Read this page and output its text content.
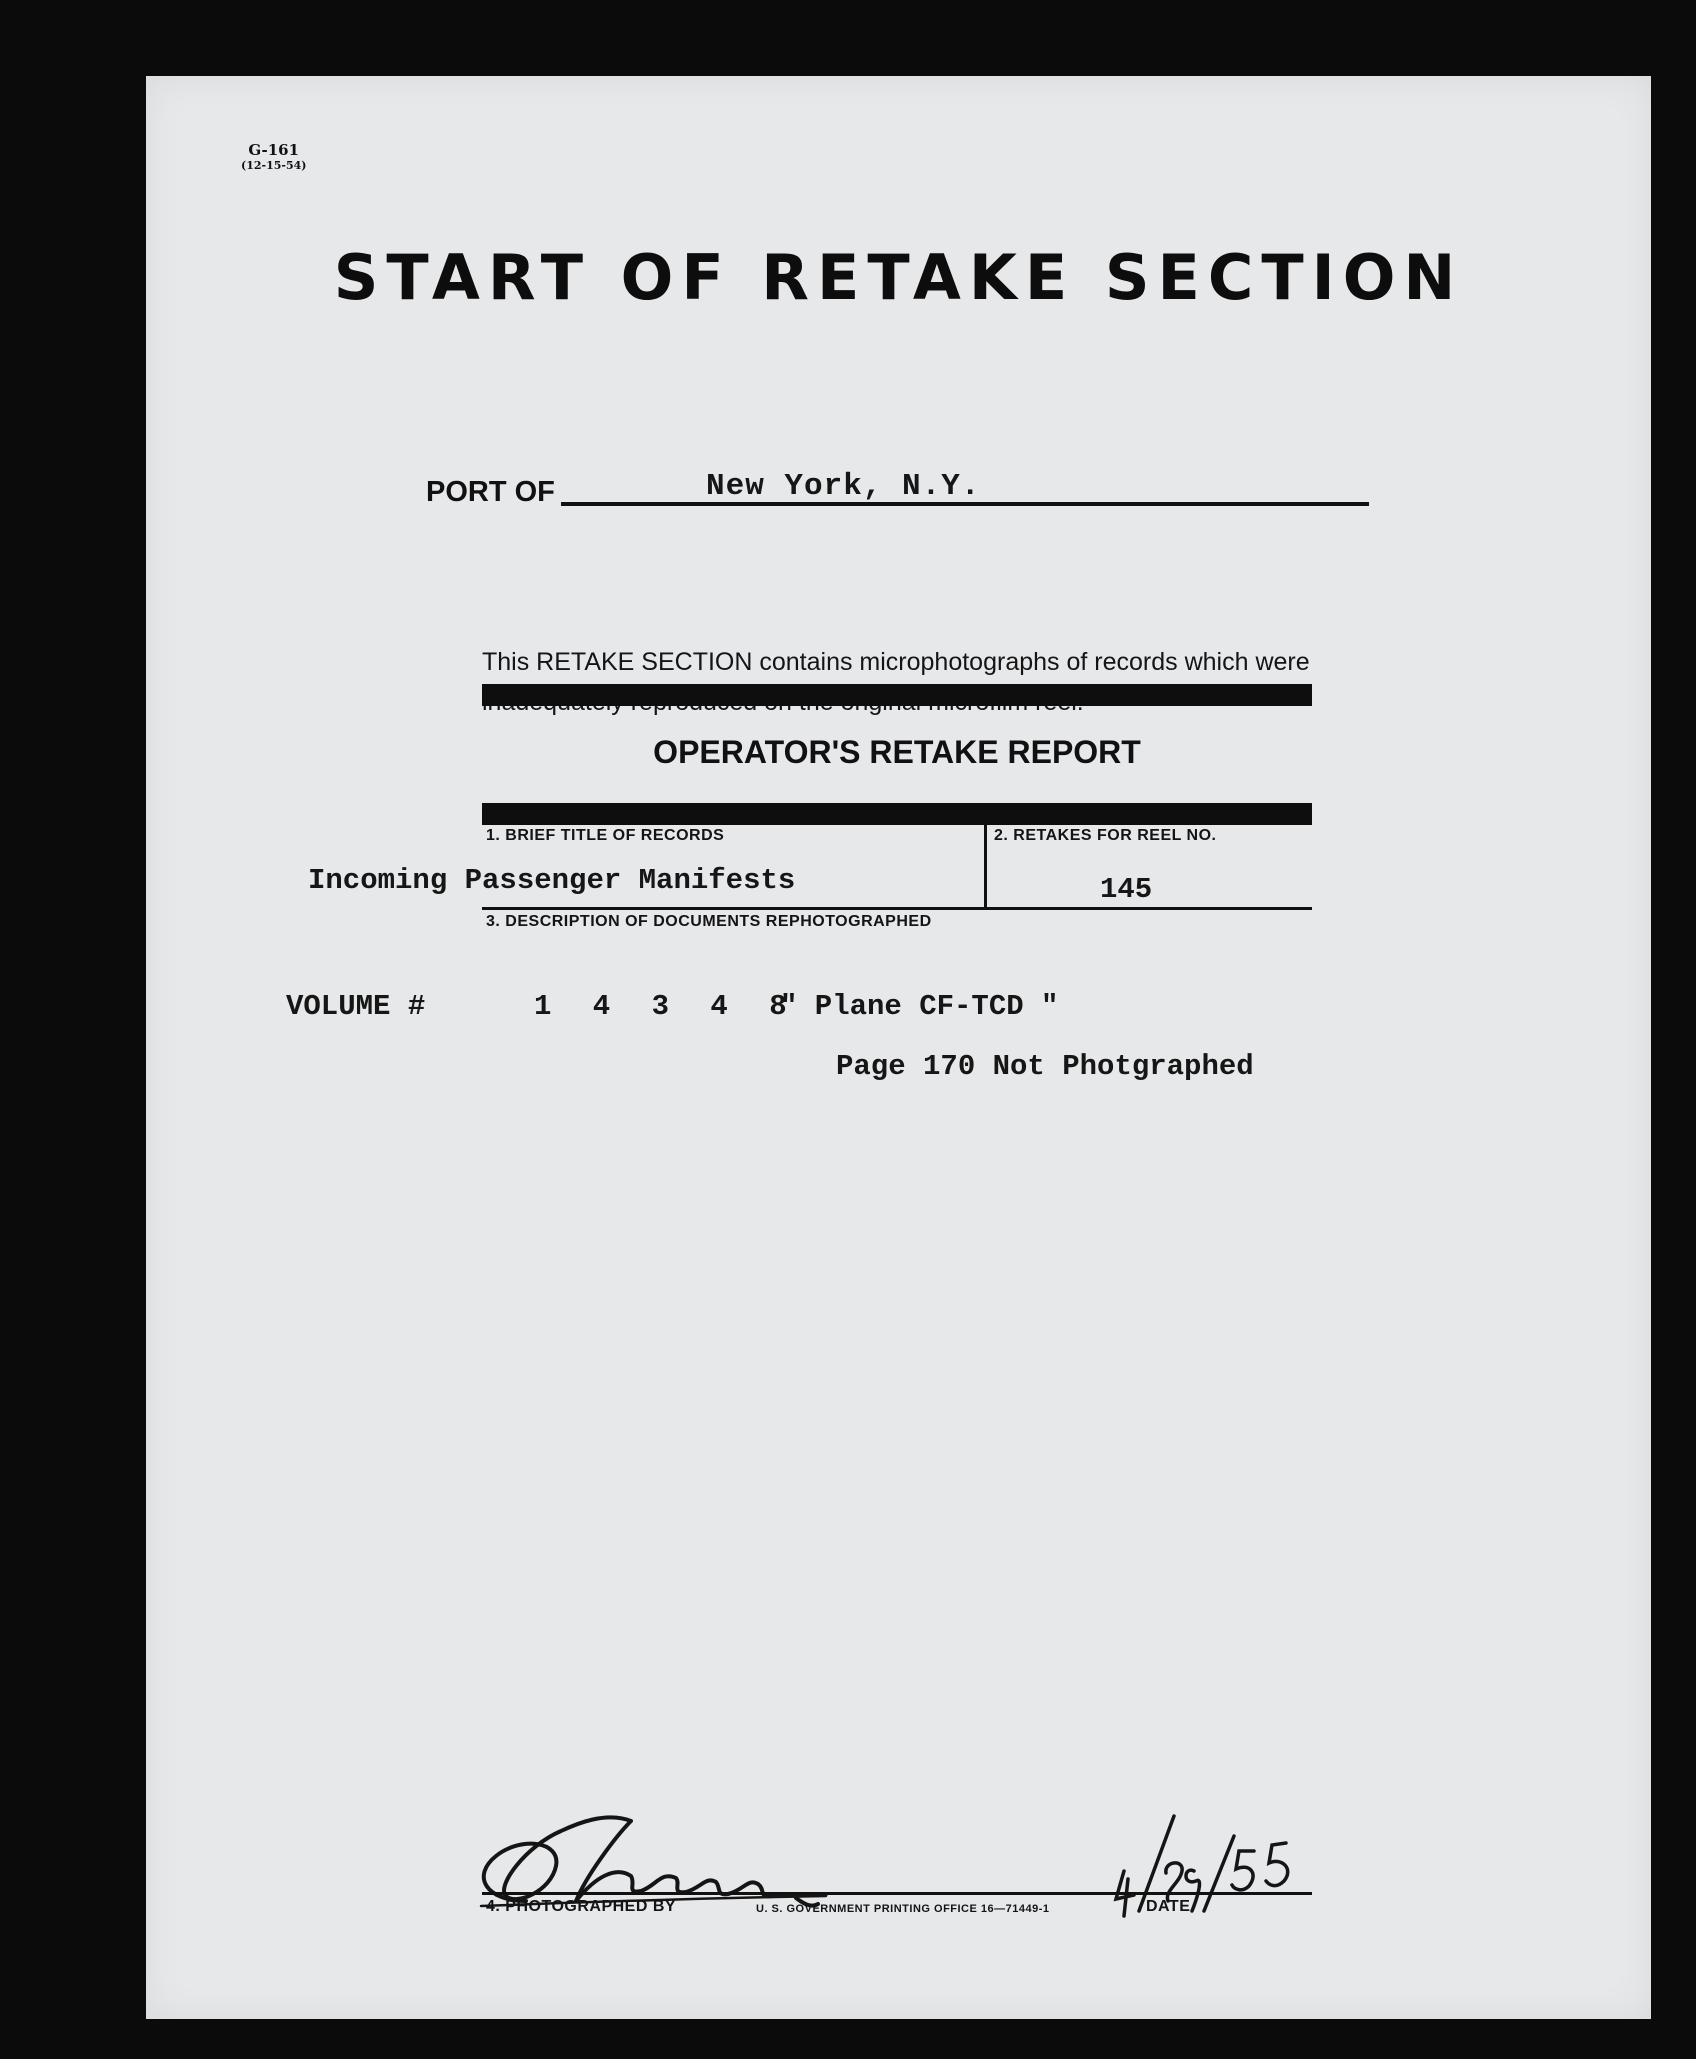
G-161
(12-15-54)
START OF RETAKE SECTION
PORT OF	New York, N.Y.
This RETAKE SECTION contains microphotographs of records which were
OPERATOR'S RETAKE REPORT
1. BRIEF TITLE OF RECORDS	2. RETAKES FOR REEL NO.
3. DESCRIPTION OF DOCUMENTS REPHOTOGRAPHED
Incoming Passenger Manifests	145
VOLUME #	1 4 3 4 8
" Plane CF-TCD "
Page 170 Not Photgraphed
4. PHOTOGRAPHED BY	U. S. GOVERNMENT PRINTING OFFICE 16—71449-1	DATE
